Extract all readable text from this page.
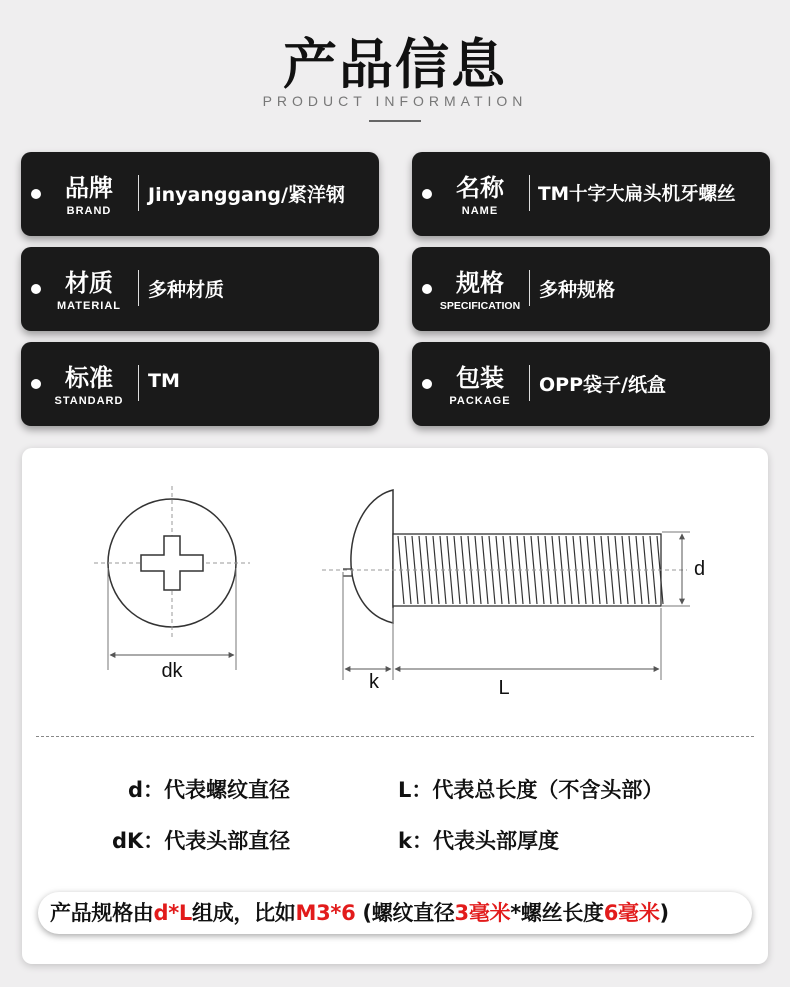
产品信息
PRODUCT INFORMATION
品牌
BRAND
Jinyanggang/紧洋钢	名称
NAME
TM十字大扁头机牙螺丝
材质
MATERIAL
多种材质	规格
SPECIFICATION
多种规格
标准
STANDARD
TM	包装
PACKAGE
OPP袋子/纸盒
dk	k	L
d
d：代表螺纹直径	L：代表总长度（不含头部）
dK：代表头部直径	k：代表头部厚度
产品规格由d*L组成，比如M3*6 (螺纹直径3毫米*螺丝长度6毫米)
